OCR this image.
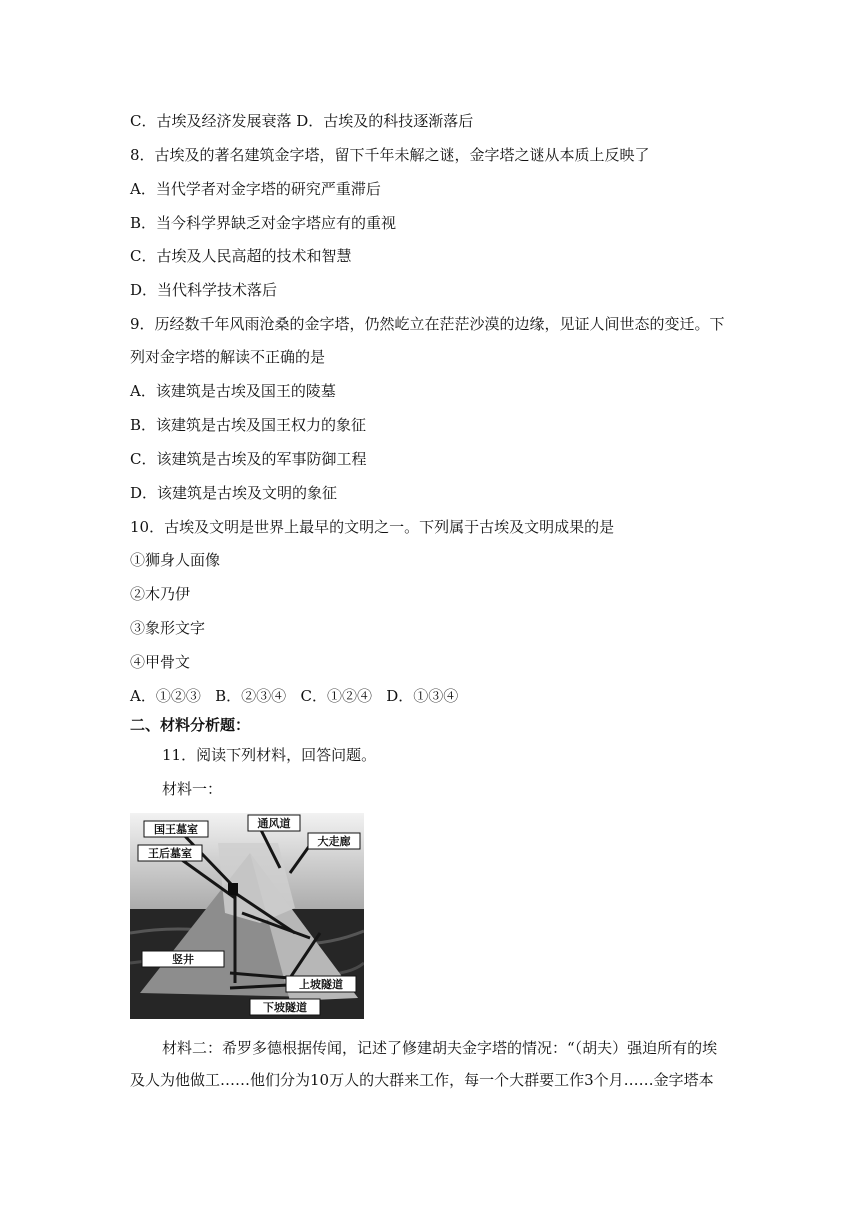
C．古埃及经济发展衰落 D．古埃及的科技逐渐落后
8．古埃及的著名建筑金字塔，留下千年未解之谜，金字塔之谜从本质上反映了
A．当代学者对金字塔的研究严重滞后
B．当今科学界缺乏对金字塔应有的重视
C．古埃及人民高超的技术和智慧
D．当代科学技术落后
9．历经数千年风雨沧桑的金字塔，仍然屹立在茫茫沙漠的边缘，见证人间世态的变迁。下
列对金字塔的解读不正确的是
A．该建筑是古埃及国王的陵墓
B．该建筑是古埃及国王权力的象征
C．该建筑是古埃及的军事防御工程
D．该建筑是古埃及文明的象征
10．古埃及文明是世界上最早的文明之一。下列属于古埃及文明成果的是
①狮身人面像
②木乃伊
③象形文字
④甲骨文
A．①②③   B．②③④   C．①②④   D．①③④
二、材料分析题：
11．阅读下列材料，回答问题。
材料一：
国王墓室
王后墓室
通风道
大走廊
竖井
上坡隧道
下坡隧道
材料二：希罗多德根据传闻，记述了修建胡夫金字塔的情况：“（胡夫）强迫所有的埃及人为他做工……他们分为10万人的大群来工作，每一个大群要工作3个月……金字塔本
